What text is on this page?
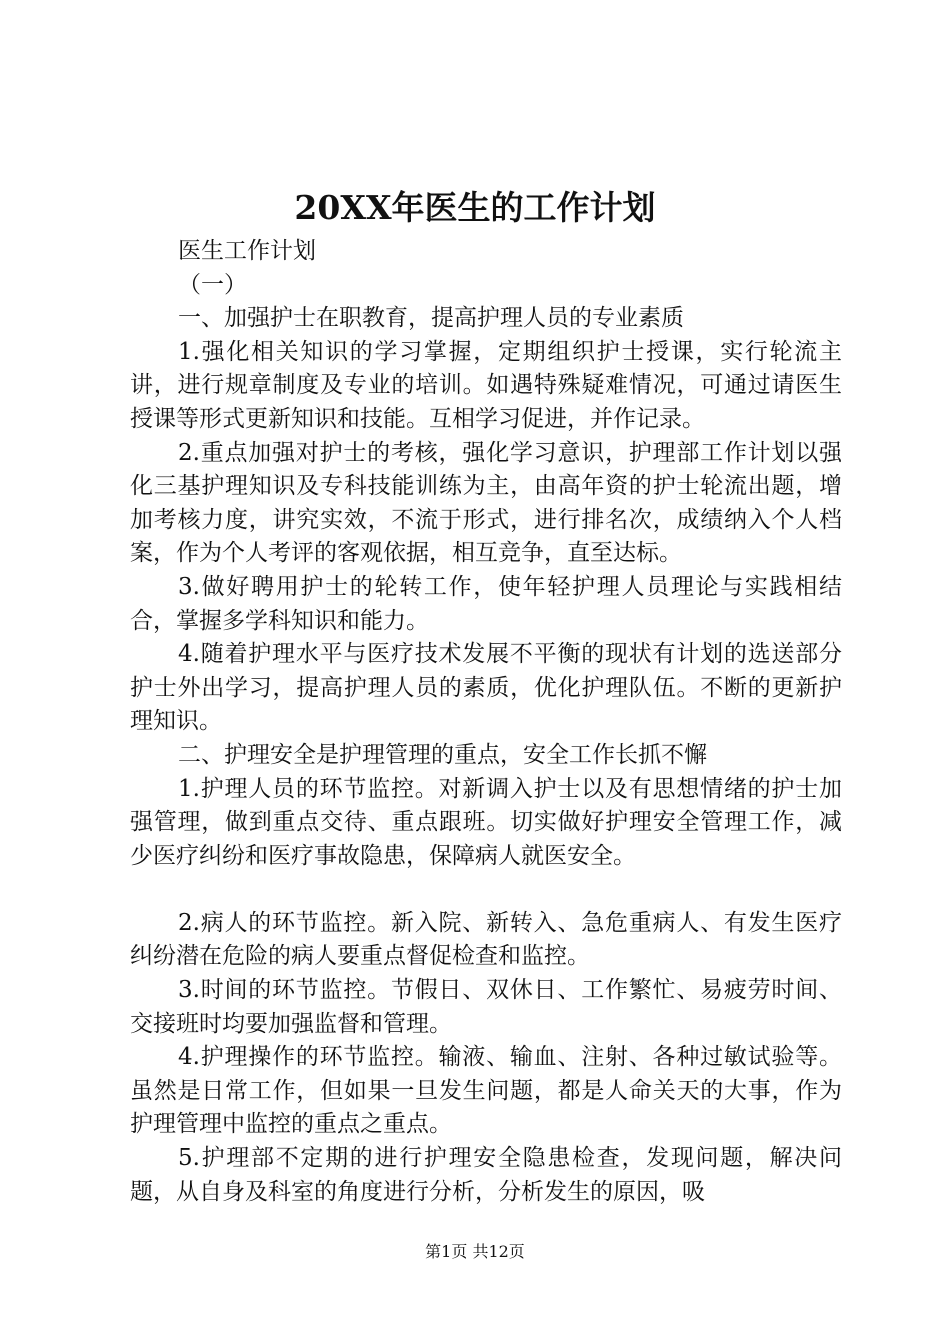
20XX年医生的工作计划

医生工作计划

（一）

一、加强护士在职教育，提高护理人员的专业素质

1.强化相关知识的学习掌握，定期组织护士授课，实行轮流主讲，进行规章制度及专业的培训。如遇特殊疑难情况，可通过请医生授课等形式更新知识和技能。互相学习促进，并作记录。

2.重点加强对护士的考核，强化学习意识，护理部工作计划以强化三基护理知识及专科技能训练为主，由高年资的护士轮流出题，增加考核力度，讲究实效，不流于形式，进行排名次，成绩纳入个人档案，作为个人考评的客观依据，相互竞争，直至达标。

3.做好聘用护士的轮转工作，使年轻护理人员理论与实践相结合，掌握多学科知识和能力。

4.随着护理水平与医疗技术发展不平衡的现状有计划的选送部分护士外出学习，提高护理人员的素质，优化护理队伍。不断的更新护理知识。

二、护理安全是护理管理的重点，安全工作长抓不懈

1.护理人员的环节监控。对新调入护士以及有思想情绪的护士加强管理，做到重点交待、重点跟班。切实做好护理安全管理工作，减少医疗纠纷和医疗事故隐患，保障病人就医安全。

2.病人的环节监控。新入院、新转入、急危重病人、有发生医疗纠纷潜在危险的病人要重点督促检查和监控。

3.时间的环节监控。节假日、双休日、工作繁忙、易疲劳时间、交接班时均要加强监督和管理。

4.护理操作的环节监控。输液、输血、注射、各种过敏试验等。虽然是日常工作，但如果一旦发生问题，都是人命关天的大事，作为护理管理中监控的重点之重点。

5.护理部不定期的进行护理安全隐患检查，发现问题，解决问题，从自身及科室的角度进行分析，分析发生的原因，吸

第1页 共12页
